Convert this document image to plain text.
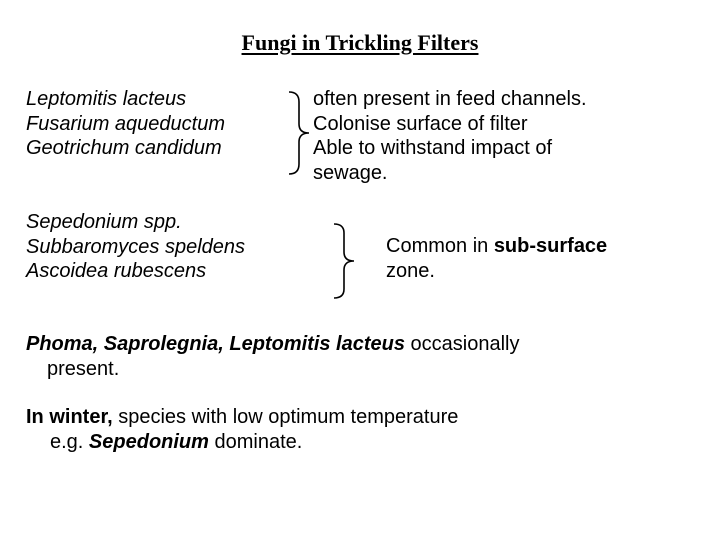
Fungi in Trickling Filters
Leptomitis lacteus
Fusarium aqueductum
Geotrichum candidum
often present in feed channels.
Colonise surface of filter
Able to withstand impact of
sewage.
Sepedonium spp.
Subbaromyces speldens
Ascoidea rubescens
Common in sub-surface
zone.
Phoma, Saprolegnia, Leptomitis lacteus occasionally
present.
In winter, species with low optimum temperature
e.g. Sepedonium dominate.
